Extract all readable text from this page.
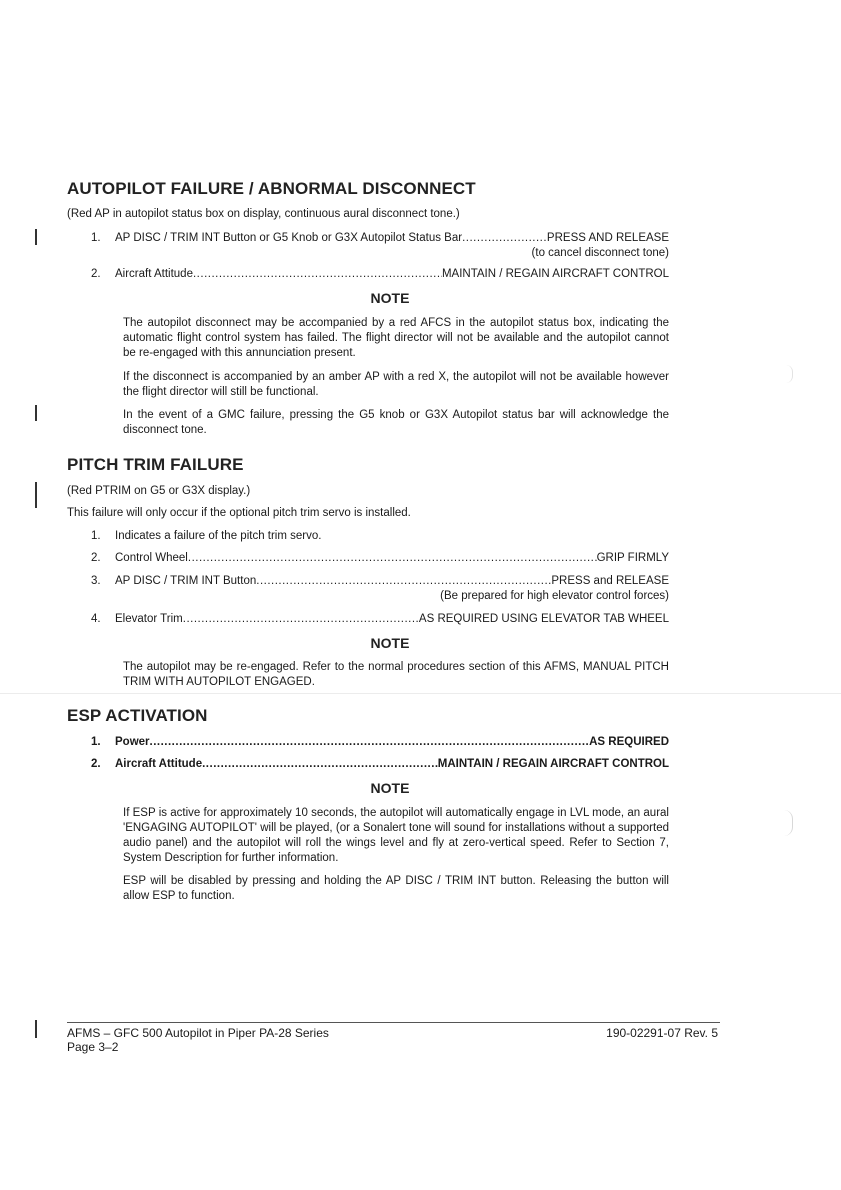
AUTOPILOT FAILURE / ABNORMAL DISCONNECT
(Red AP in autopilot status box on display, continuous aural disconnect tone.)
1.	AP DISC / TRIM INT Button or G5 Knob or G3X Autopilot Status Bar .....	PRESS AND RELEASE
(to cancel disconnect tone)
2.	Aircraft Attitude .....	MAINTAIN / REGAIN AIRCRAFT CONTROL
NOTE
The autopilot disconnect may be accompanied by a red AFCS in the autopilot status box, indicating the automatic flight control system has failed. The flight director will not be available and the autopilot cannot be re-engaged with this annunciation present.
If the disconnect is accompanied by an amber AP with a red X, the autopilot will not be available however the flight director will still be functional.
In the event of a GMC failure, pressing the G5 knob or G3X Autopilot status bar will acknowledge the disconnect tone.
PITCH TRIM FAILURE
(Red PTRIM on G5 or G3X display.)
This failure will only occur if the optional pitch trim servo is installed.
1.	Indicates a failure of the pitch trim servo.
2.	Control Wheel .....	GRIP FIRMLY
3.	AP DISC / TRIM INT Button .....	PRESS and RELEASE
(Be prepared for high elevator control forces)
4.	Elevator Trim .....	AS REQUIRED USING ELEVATOR TAB WHEEL
NOTE
The autopilot may be re-engaged. Refer to the normal procedures section of this AFMS, MANUAL PITCH TRIM WITH AUTOPILOT ENGAGED.
ESP ACTIVATION
1.	Power .....	AS REQUIRED
2.	Aircraft Attitude .....	MAINTAIN / REGAIN AIRCRAFT CONTROL
NOTE
If ESP is active for approximately 10 seconds, the autopilot will automatically engage in LVL mode, an aural 'ENGAGING AUTOPILOT' will be played, (or a Sonalert tone will sound for installations without a supported audio panel) and the autopilot will roll the wings level and fly at zero-vertical speed. Refer to Section 7, System Description for further information.
ESP will be disabled by pressing and holding the AP DISC / TRIM INT button. Releasing the button will allow ESP to function.
AFMS – GFC 500 Autopilot in Piper PA-28 Series
Page 3–2
190-02291-07 Rev. 5
